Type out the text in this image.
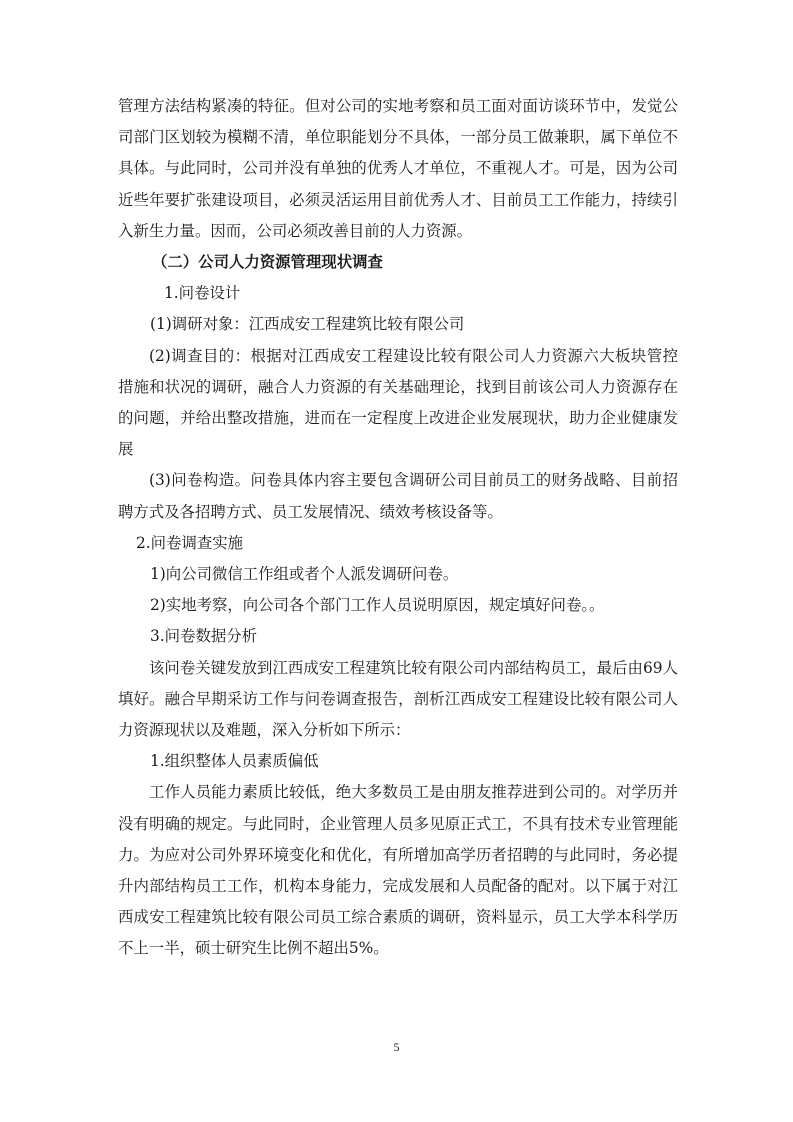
管理方法结构紧凑的特征。但对公司的实地考察和员工面对面访谈环节中，发觉公司部门区划较为模糊不清，单位职能划分不具体，一部分员工做兼职，属下单位不具体。与此同时，公司并没有单独的优秀人才单位，不重视人才。可是，因为公司近些年要扩张建设项目，必须灵活运用目前优秀人才、目前员工工作能力，持续引入新生力量。因而，公司必须改善目前的人力资源。

（二）公司人力资源管理现状调查

1.问卷设计

(1)调研对象：江西成安工程建筑比较有限公司

(2)调查目的：根据对江西成安工程建设比较有限公司人力资源六大板块管控措施和状况的调研，融合人力资源的有关基础理论，找到目前该公司人力资源存在的问题，并给出整改措施，进而在一定程度上改进企业发展现状，助力企业健康发展

(3)问卷构造。问卷具体内容主要包含调研公司目前员工的财务战略、目前招聘方式及各招聘方式、员工发展情况、绩效考核设备等。

2.问卷调查实施

1)向公司微信工作组或者个人派发调研问卷。

2)实地考察，向公司各个部门工作人员说明原因，规定填好问卷。。

3.问卷数据分析

该问卷关键发放到江西成安工程建筑比较有限公司内部结构员工，最后由69人填好。融合早期采访工作与问卷调查报告，剖析江西成安工程建设比较有限公司人力资源现状以及难题，深入分析如下所示：

1.组织整体人员素质偏低

工作人员能力素质比较低，绝大多数员工是由朋友推荐进到公司的。对学历并没有明确的规定。与此同时，企业管理人员多见原正式工，不具有技术专业管理能力。为应对公司外界环境变化和优化，有所增加高学历者招聘的与此同时，务必提升内部结构员工工作，机构本身能力，完成发展和人员配备的配对。以下属于对江西成安工程建筑比较有限公司员工综合素质的调研，资料显示，员工大学本科学历不上一半，硕士研究生比例不超出5%。

5
